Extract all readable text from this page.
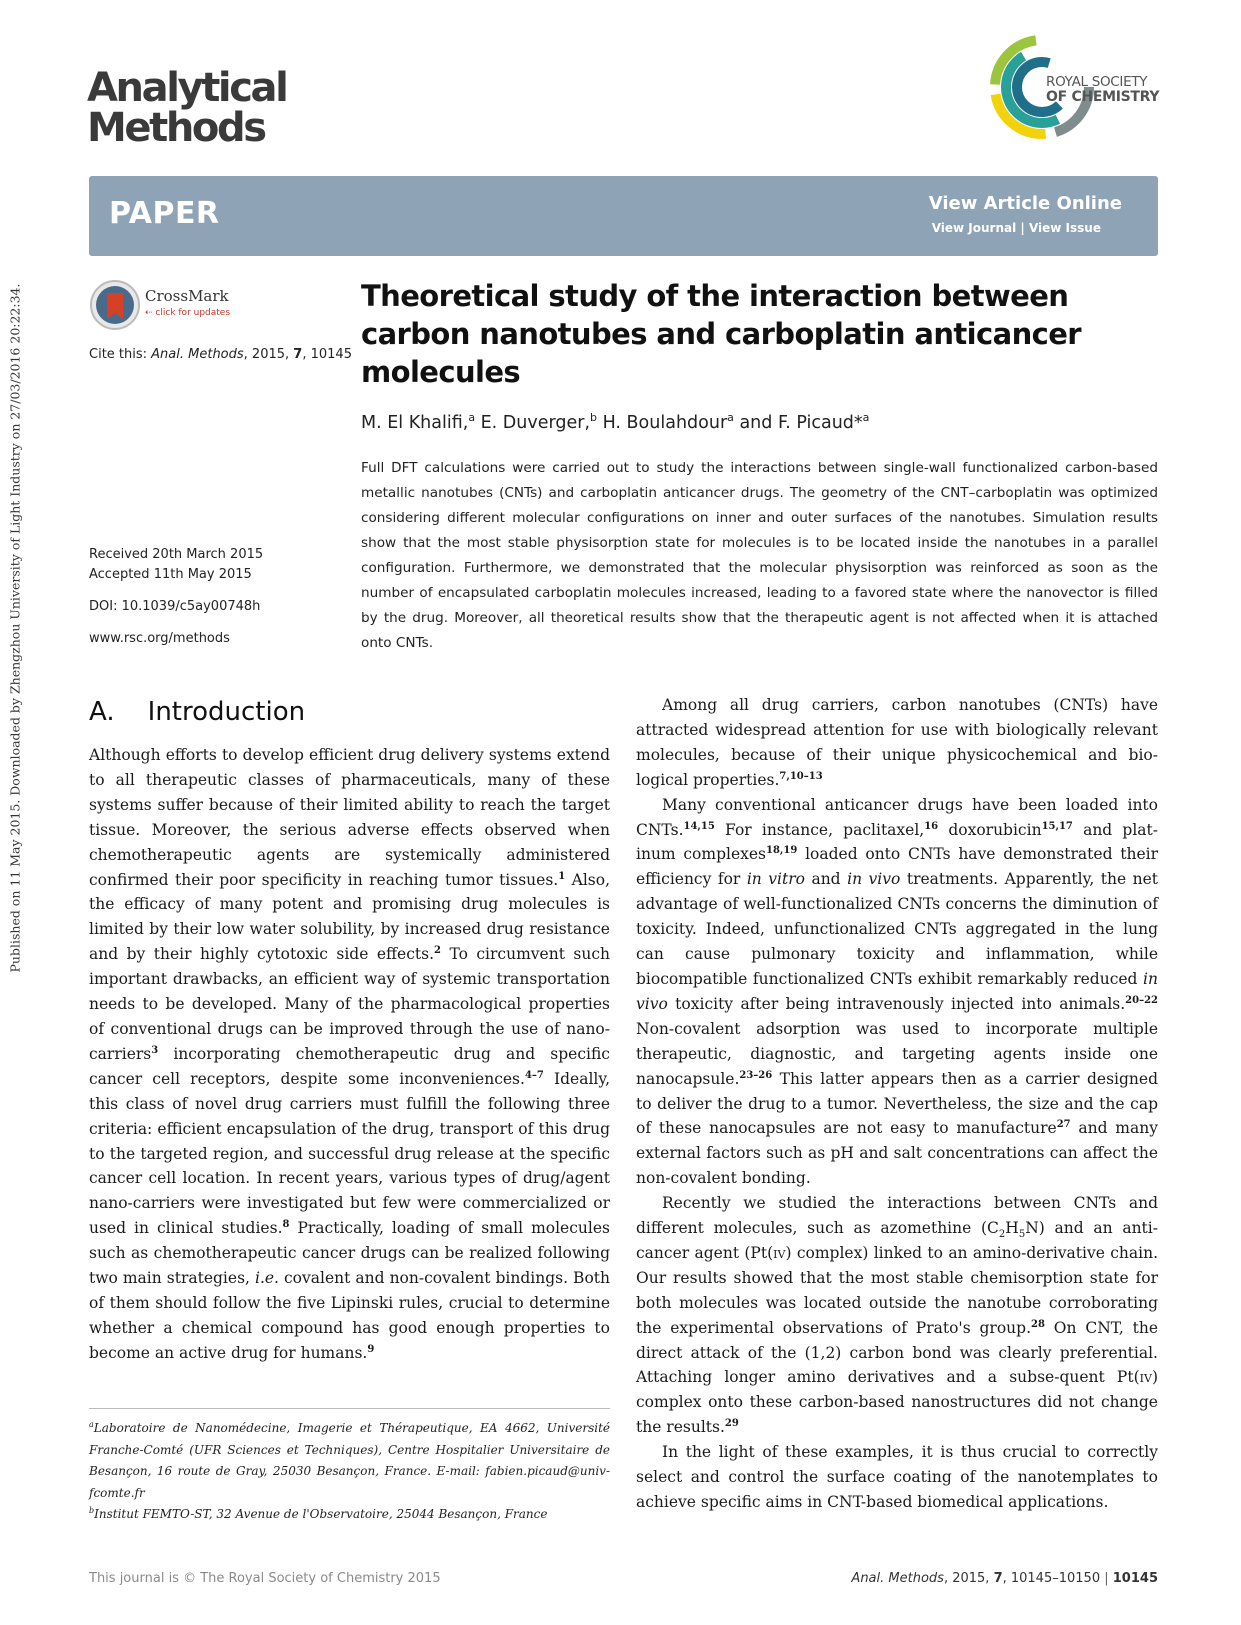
Published on 11 May 2015. Downloaded by Zhengzhou University of Light Industry on 27/03/2016 20:22:34.
Analytical
Methods
ROYAL SOCIETY
OF CHEMISTRY
PAPER	View Article Online
View Journal | View Issue
CrossMark
⇠ click for updates
Cite this: Anal. Methods, 2015, 7, 10145
Received 20th March 2015
Accepted 11th May 2015
DOI: 10.1039/c5ay00748h
www.rsc.org/methods
Theoretical study of the interaction between carbon nanotubes and carboplatin anticancer molecules
M. El Khalifi,$^a$ E. Duverger,$^b$ H. Boulahdour$^a$ and F. Picaud*$^a$

Full DFT calculations were carried out to study the interactions between single-wall functionalized carbon-based metallic nanotubes (CNTs) and carboplatin anticancer drugs. The geometry of the CNT–carboplatin was optimized considering different molecular configurations on inner and outer surfaces of the nanotubes. Simulation results show that the most stable physisorption state for molecules is to be located inside the nanotubes in a parallel configuration. Furthermore, we demonstrated that the molecular physisorption was reinforced as soon as the number of encapsulated carboplatin molecules increased, leading to a favored state where the nanovector is filled by the drug. Moreover, all theoretical results show that the therapeutic agent is not affected when it is attached onto CNTs.

A.    Introduction

Although efforts to develop efficient drug delivery systems extend to all therapeutic classes of pharmaceuticals, many of these systems suffer because of their limited ability to reach the target tissue. Moreover, the serious adverse effects observed when chemotherapeutic agents are systemically administered confirmed their poor specificity in reaching tumor tissues.$^1$ Also, the efficacy of many potent and promising drug molecules is limited by their low water solubility, by increased drug resistance and by their highly cytotoxic side effects.$^2$ To circumvent such important drawbacks, an efficient way of systemic transportation needs to be developed. Many of the pharmacological properties of conventional drugs can be improved through the use of nano-carriers$^3$ incorporating chemotherapeutic drug and specific cancer cell receptors, despite some inconveniences.$^{4-7}$ Ideally, this class of novel drug carriers must fulfill the following three criteria: efficient encapsulation of the drug, transport of this drug to the targeted region, and successful drug release at the specific cancer cell location. In recent years, various types of drug/agent nano-carriers were investigated but few were commercialized or used in clinical studies.$^8$ Practically, loading of small molecules such as chemotherapeutic cancer drugs can be realized following two main strategies, i.e. covalent and non-covalent bindings. Both of them should follow the five Lipinski rules, crucial to determine whether a chemical compound has good enough properties to become an active drug for humans.$^9$

Among all drug carriers, carbon nanotubes (CNTs) have attracted widespread attention for use with biologically relevant molecules, because of their unique physicochemical and bio-logical properties.$^{7,10-13}$

Many conventional anticancer drugs have been loaded into CNTs.$^{14,15}$ For instance, paclitaxel,$^{16}$ doxorubicin$^{15,17}$ and plat-inum complexes$^{18,19}$ loaded onto CNTs have demonstrated their efficiency for in vitro and in vivo treatments. Apparently, the net advantage of well-functionalized CNTs concerns the diminution of toxicity. Indeed, unfunctionalized CNTs aggregated in the lung can cause pulmonary toxicity and inflammation, while biocompatible functionalized CNTs exhibit remarkably reduced in vivo toxicity after being intravenously injected into animals.$^{20-22}$ Non-covalent adsorption was used to incorporate multiple therapeutic, diagnostic, and targeting agents inside one nanocapsule.$^{23-26}$ This latter appears then as a carrier designed to deliver the drug to a tumor. Nevertheless, the size and the cap of these nanocapsules are not easy to manufacture$^{27}$ and many external factors such as pH and salt concentrations can affect the non-covalent bonding.

Recently we studied the interactions between CNTs and different molecules, such as azomethine $(C_2H_5N)$ and an anti-cancer agent (Pt(iv) complex) linked to an amino-derivative chain. Our results showed that the most stable chemisorption state for both molecules was located outside the nanotube corroborating the experimental observations of Prato's group.$^{28}$ On CNT, the direct attack of the (1,2) carbon bond was clearly preferential. Attaching longer amino derivatives and a subse-quent Pt(iv) complex onto these carbon-based nanostructures did not change the results.$^{29}$

In the light of these examples, it is thus crucial to correctly select and control the surface coating of the nanotemplates to achieve specific aims in CNT-based biomedical applications.

$^a$Laboratoire de Nanomédecine, Imagerie et Thérapeutique, EA 4662, Université Franche-Comté (UFR Sciences et Techniques), Centre Hospitalier Universitaire de Besançon, 16 route de Gray, 25030 Besançon, France. E-mail: fabien.picaud@univ-fcomte.fr

$^b$Institut FEMTO-ST, 32 Avenue de l'Observatoire, 25044 Besançon, France

This journal is © The Royal Society of Chemistry 2015	Anal. Methods, 2015, 7, 10145–10150 | 10145
